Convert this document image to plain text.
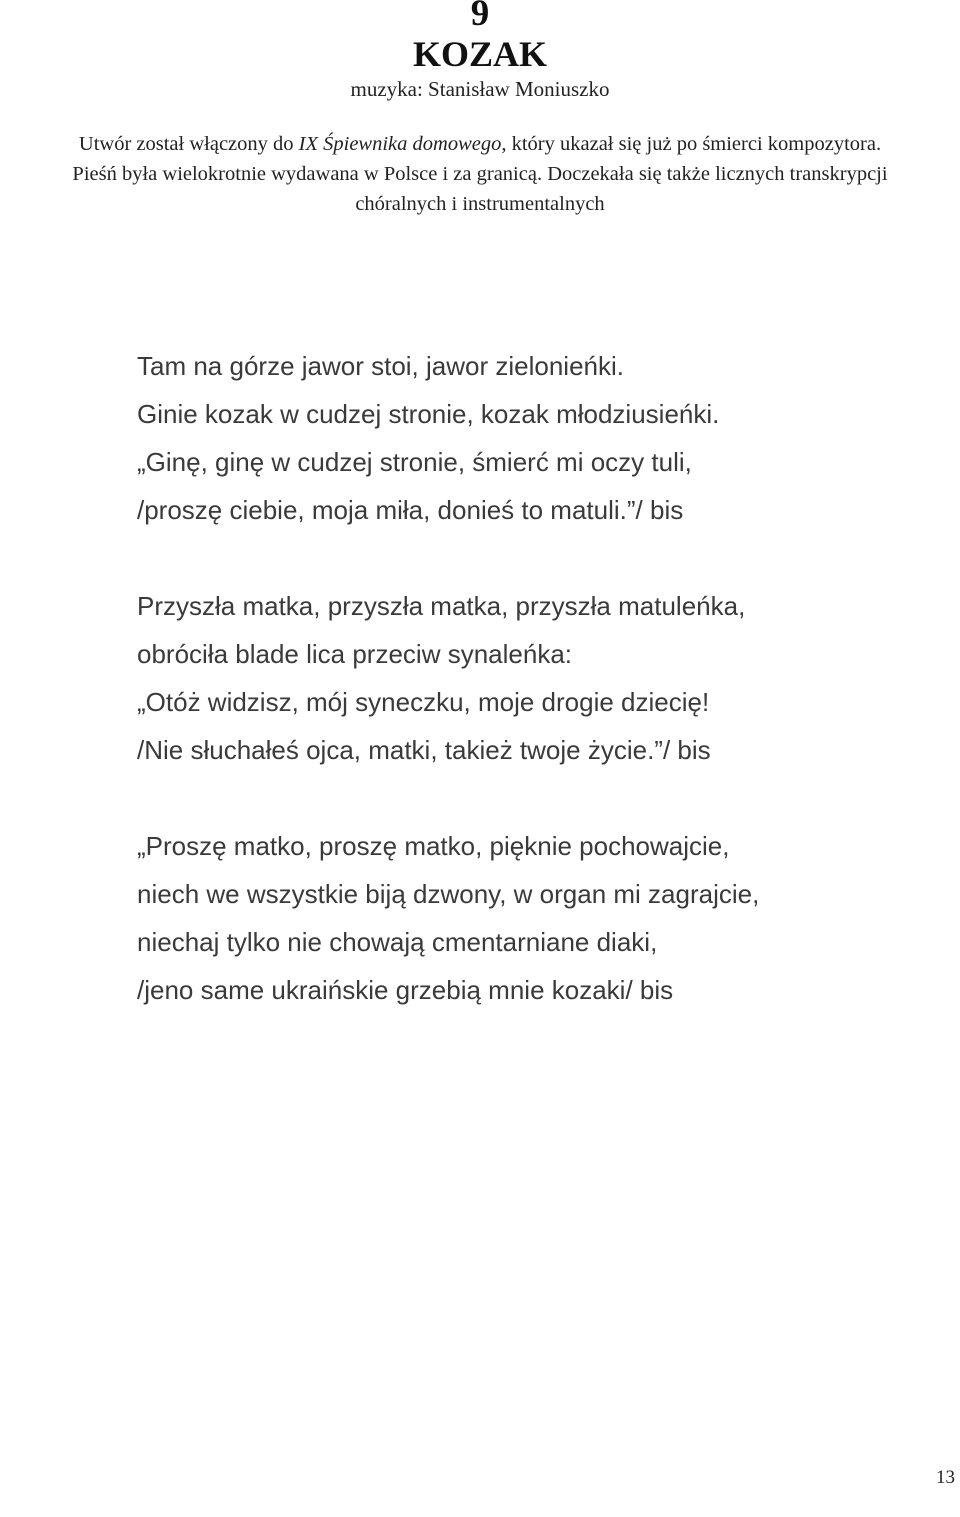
9
KOZAK
muzyka: Stanisław Moniuszko
Utwór został włączony do IX Śpiewnika domowego, który ukazał się już po śmierci kompozytora.
Pieśń była wielokrotnie wydawana w Polsce i za granicą. Doczekała się także licznych transkrypcji
chóralnych i instrumentalnych
Tam na górze jawor stoi, jawor zielonieńki.
Ginie kozak w cudzej stronie, kozak młodziusieńki.
„Ginę, ginę w cudzej stronie, śmierć mi oczy tuli,
/proszę ciebie, moja miła, donieś to matuli.”/ bis
Przyszła matka, przyszła matka, przyszła matuleńka,
obróciła blade lica przeciw synaleńka:
„Otóż widzisz, mój syneczku, moje drogie dziecię!
/Nie słuchałeś ojca, matki, takież twoje życie.”/ bis
„Proszę matko, proszę matko, pięknie pochowajcie,
niech we wszystkie biją dzwony, w organ mi zagrajcie,
niechaj tylko nie chowają cmentarniane diaki,
/jeno same ukraińskie grzebią mnie kozaki/ bis
13
